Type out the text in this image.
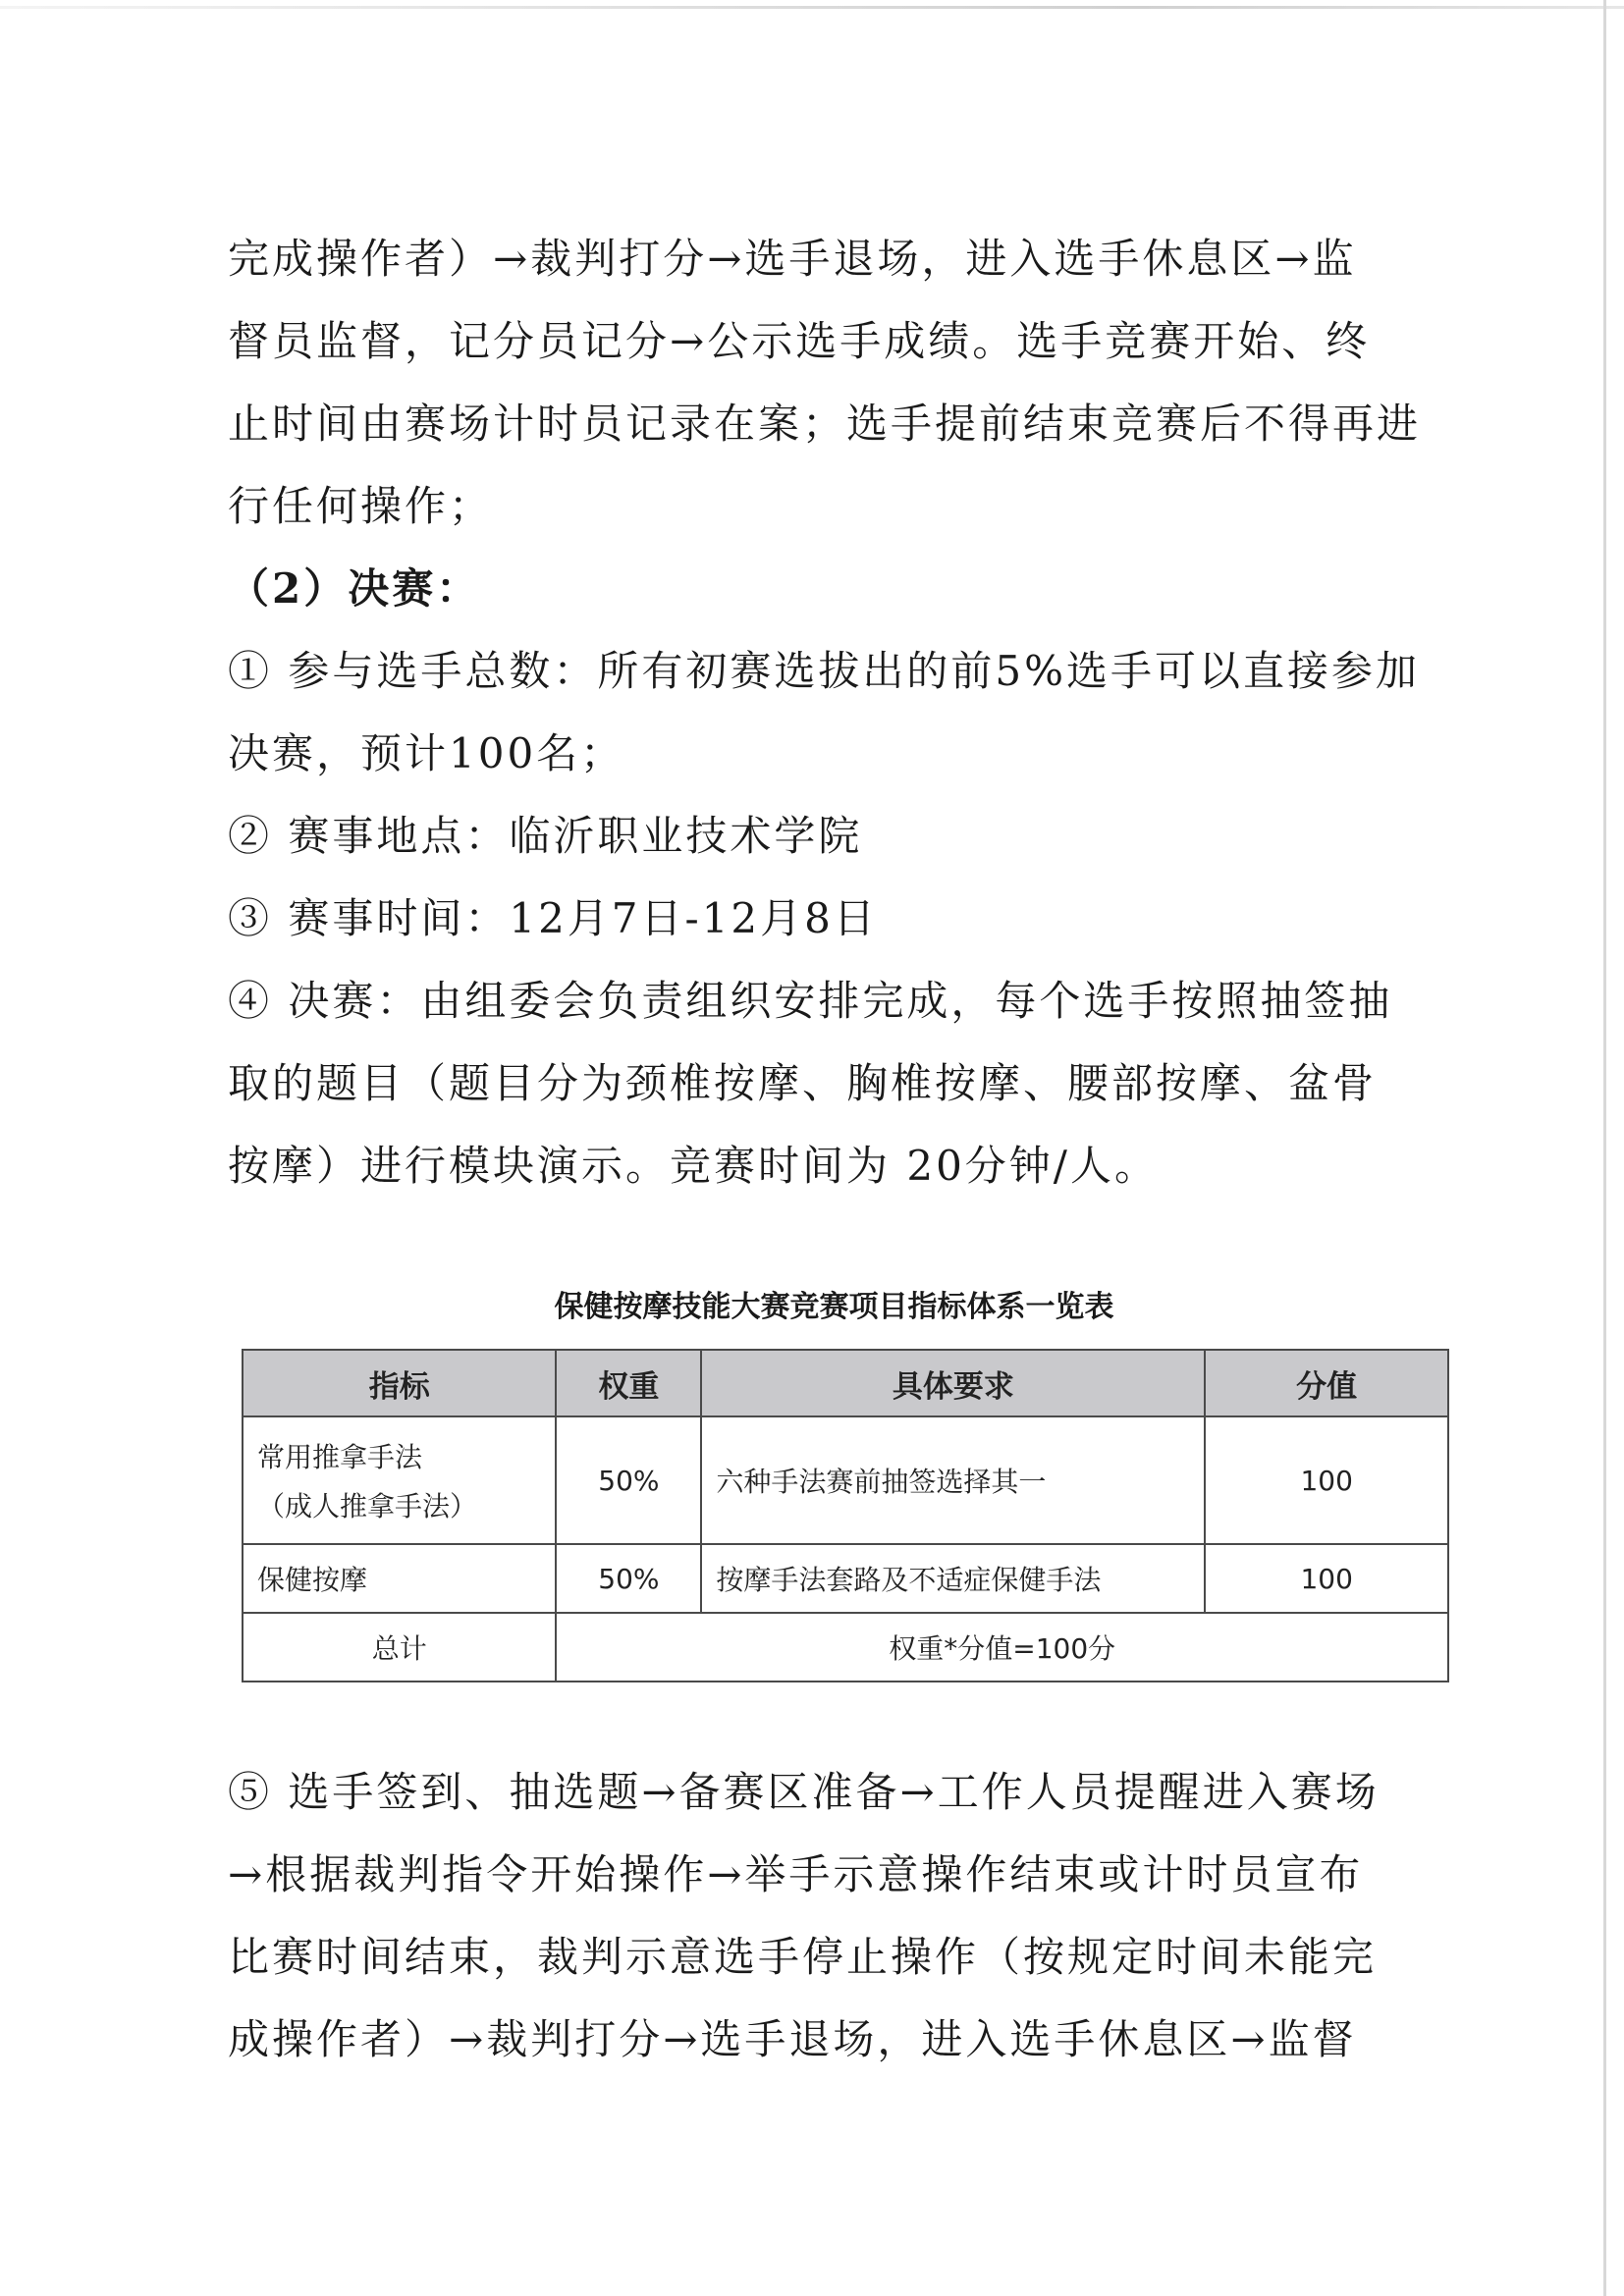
完成操作者）→裁判打分→选手退场，进入选手休息区→监

督员监督，记分员记分→公示选手成绩。选手竞赛开始、终

止时间由赛场计时员记录在案；选手提前结束竞赛后不得再进

行任何操作；

（2）决赛：

① 参与选手总数：所有初赛选拔出的前5%选手可以直接参加

决赛，预计100名；

② 赛事地点：临沂职业技术学院

③ 赛事时间：12月7日-12月8日

④ 决赛：由组委会负责组织安排完成，每个选手按照抽签抽

取的题目（题目分为颈椎按摩、胸椎按摩、腰部按摩、盆骨

按摩）进行模块演示。竞赛时间为 20分钟/人。

保健按摩技能大赛竞赛项目指标体系一览表
指标	权重	具体要求	分值
常用推拿手法
（成人推拿手法）	50%	六种手法赛前抽签选择其一	100
保健按摩	50%	按摩手法套路及不适症保健手法	100
总计	权重*分值=100分		

⑤ 选手签到、抽选题→备赛区准备→工作人员提醒进入赛场

→根据裁判指令开始操作→举手示意操作结束或计时员宣布

比赛时间结束，裁判示意选手停止操作（按规定时间未能完

成操作者）→裁判打分→选手退场，进入选手休息区→监督
